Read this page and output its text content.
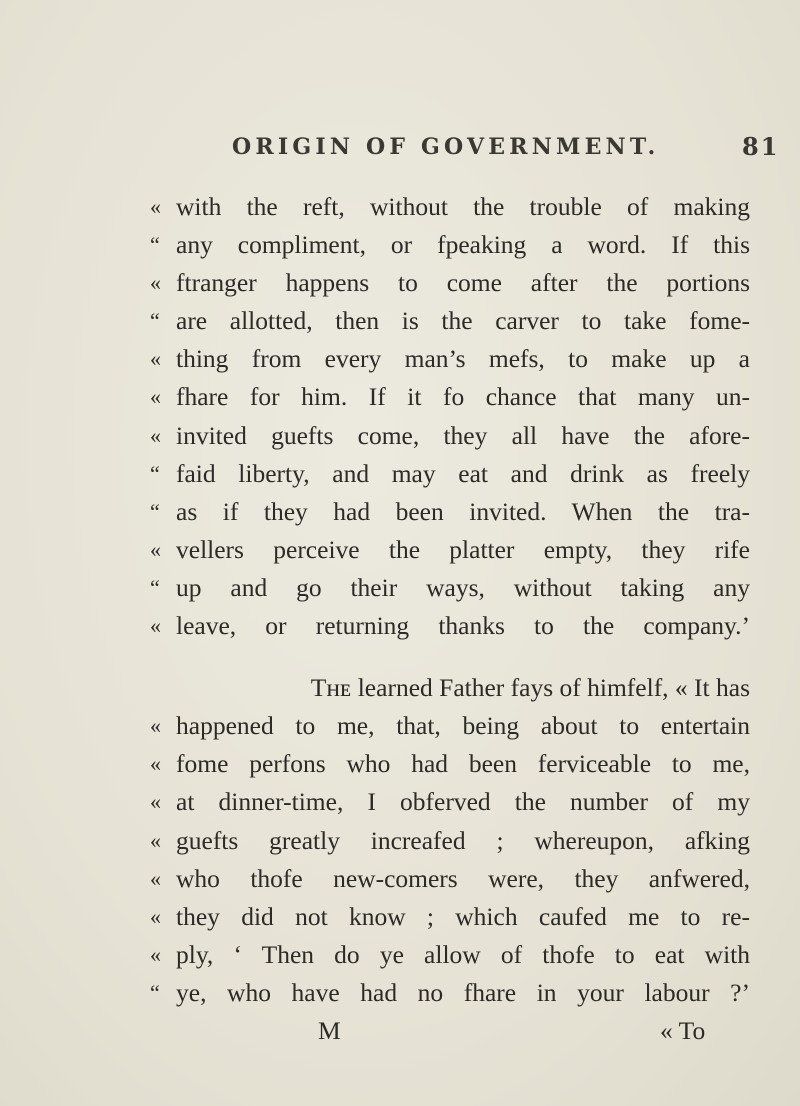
ORIGIN OF GOVERNMENT.	81
« with the reft, without the trouble of making
“ any compliment, or fpeaking a word. If this
« ftranger happens to come after the portions
“ are allotted, then is the carver to take fome-
« thing from every man’s mefs, to make up a
« fhare for him. If it fo chance that many un-
« invited guefts come, they all have the afore-
“ faid liberty, and may eat and drink as freely
“ as if they had been invited. When the tra-
« vellers perceive the platter empty, they rife
“ up and go their ways, without taking any
« leave, or returning thanks to the company.’
Tʜᴇ learned Father fays of himfelf, « It has
« happened to me, that, being about to entertain
« fome perfons who had been ferviceable to me,
« at dinner-time, I obferved the number of my
« guefts greatly increafed ; whereupon, afking
« who thofe new-comers were, they anfwered,
« they did not know ; which caufed me to re-
« ply, ‘ Then do ye allow of thofe to eat with
“ ye, who have had no fhare in your labour ?’
M	« To
